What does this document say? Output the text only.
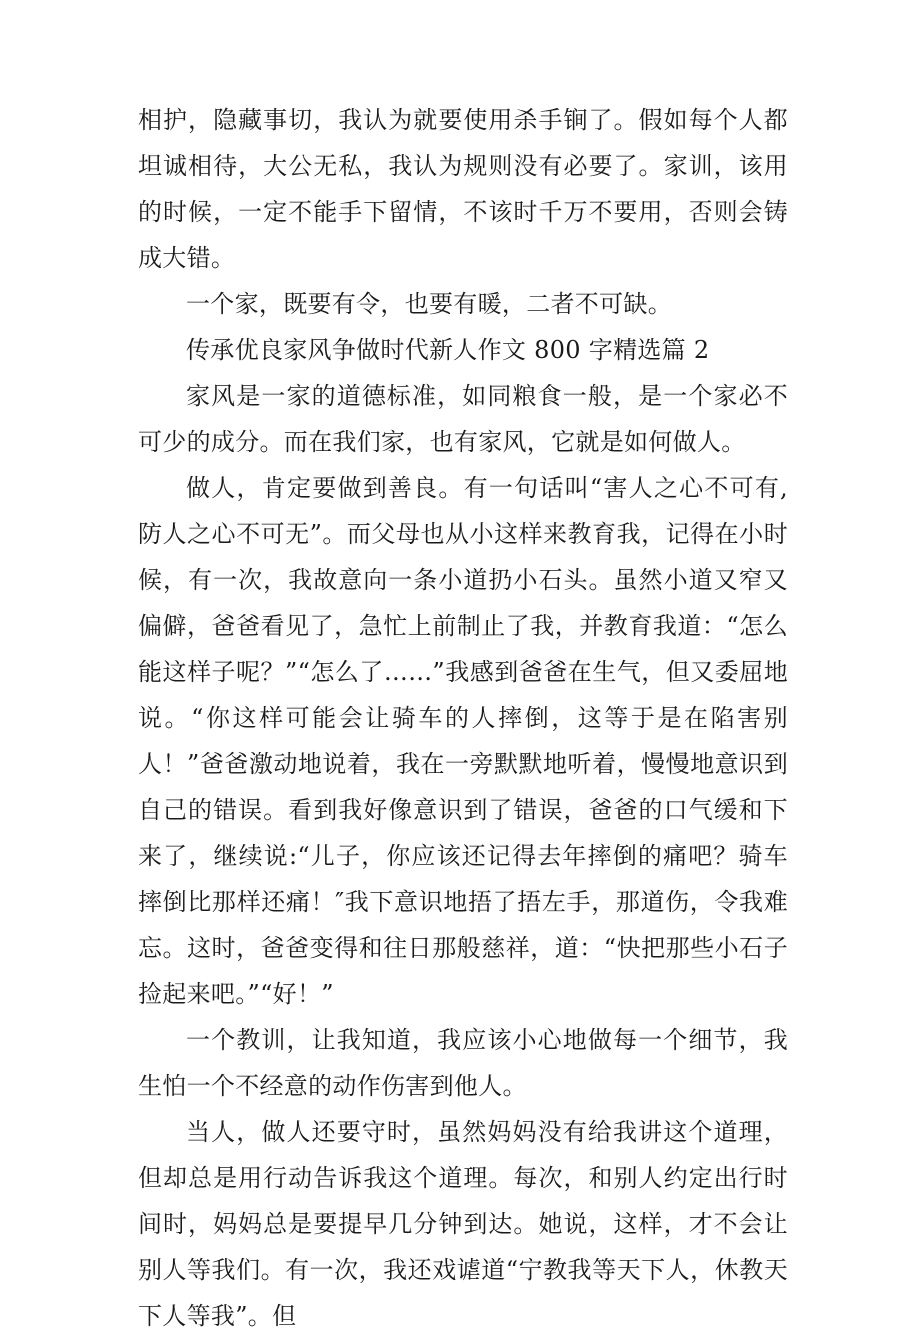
相护，隐藏事切，我认为就要使用杀手锏了。假如每个人都坦诚相待，大公无私，我认为规则没有必要了。家训，该用的时候，一定不能手下留情，不该时千万不要用，否则会铸成大错。

一个家，既要有令，也要有暖，二者不可缺。

传承优良家风争做时代新人作文 800 字精选篇 2

家风是一家的道德标准，如同粮食一般，是一个家必不可少的成分。而在我们家，也有家风，它就是如何做人。

做人，肯定要做到善良。有一句话叫“害人之心不可有,防人之心不可无”。而父母也从小这样来教育我，记得在小时候，有一次，我故意向一条小道扔小石头。虽然小道又窄又偏僻，爸爸看见了，急忙上前制止了我，并教育我道：“怎么能这样子呢？”“怎么了……”我感到爸爸在生气，但又委屈地说。“你这样可能会让骑车的人摔倒，这等于是在陷害别人！”爸爸激动地说着，我在一旁默默地听着，慢慢地意识到自己的错误。看到我好像意识到了错误，爸爸的口气缓和下来了，继续说:“儿子，你应该还记得去年摔倒的痛吧？骑车摔倒比那样还痛！″我下意识地捂了捂左手，那道伤，令我难忘。这时，爸爸变得和往日那般慈祥，道：“快把那些小石子捡起来吧。”“好！”

一个教训，让我知道，我应该小心地做每一个细节，我生怕一个不经意的动作伤害到他人。

当人，做人还要守时，虽然妈妈没有给我讲这个道理，但却总是用行动告诉我这个道理。每次，和别人约定出行时间时，妈妈总是要提早几分钟到达。她说，这样，才不会让别人等我们。有一次，我还戏谑道“宁教我等天下人，休教天下人等我”。但
